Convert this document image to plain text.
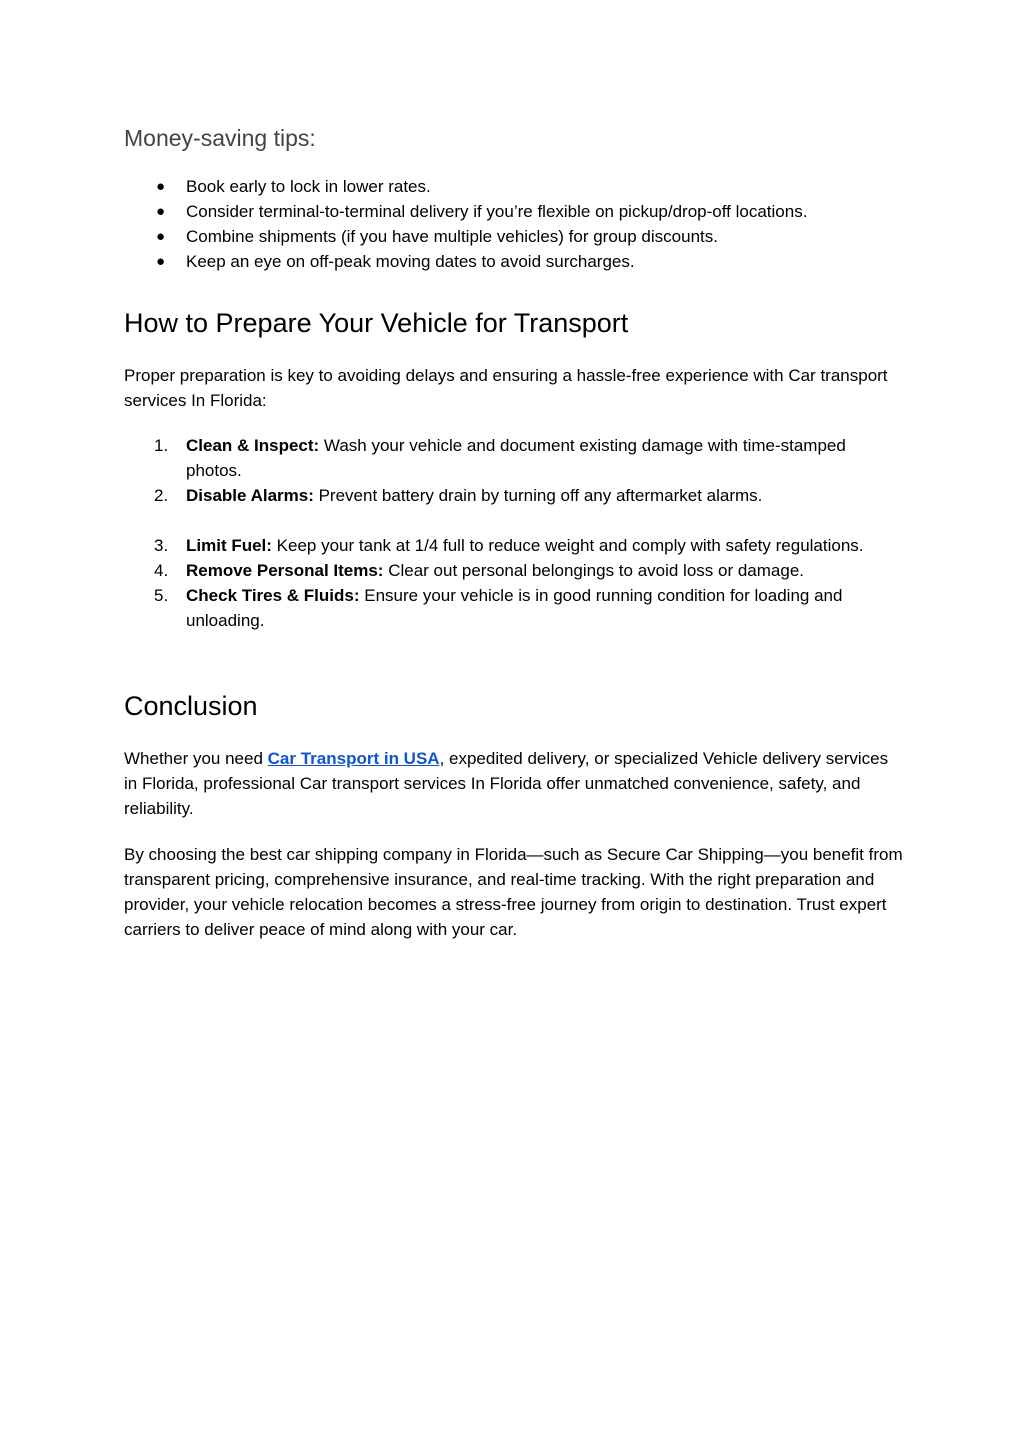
Money‑saving tips:
● Book early to lock in lower rates.
● Consider terminal‑to‑terminal delivery if you’re flexible on pickup/drop‑off locations.
● Combine shipments (if you have multiple vehicles) for group discounts.
● Keep an eye on off‑peak moving dates to avoid surcharges.
How to Prepare Your Vehicle for Transport

Proper preparation is key to avoiding delays and ensuring a hassle‑free experience with Car transport services In Florida:

1. Clean & Inspect: Wash your vehicle and document existing damage with time‑stamped photos.
2. Disable Alarms: Prevent battery drain by turning off any aftermarket alarms.
3. Limit Fuel: Keep your tank at 1/4 full to reduce weight and comply with safety regulations.
4. Remove Personal Items: Clear out personal belongings to avoid loss or damage.
5. Check Tires & Fluids: Ensure your vehicle is in good running condition for loading and unloading.
Conclusion

Whether you need Car Transport in USA, expedited delivery, or specialized Vehicle delivery services in Florida, professional Car transport services In Florida offer unmatched convenience, safety, and reliability.

By choosing the best car shipping company in Florida—such as Secure Car Shipping—you benefit from transparent pricing, comprehensive insurance, and real‑time tracking. With the right preparation and provider, your vehicle relocation becomes a stress‑free journey from origin to destination. Trust expert carriers to deliver peace of mind along with your car.
